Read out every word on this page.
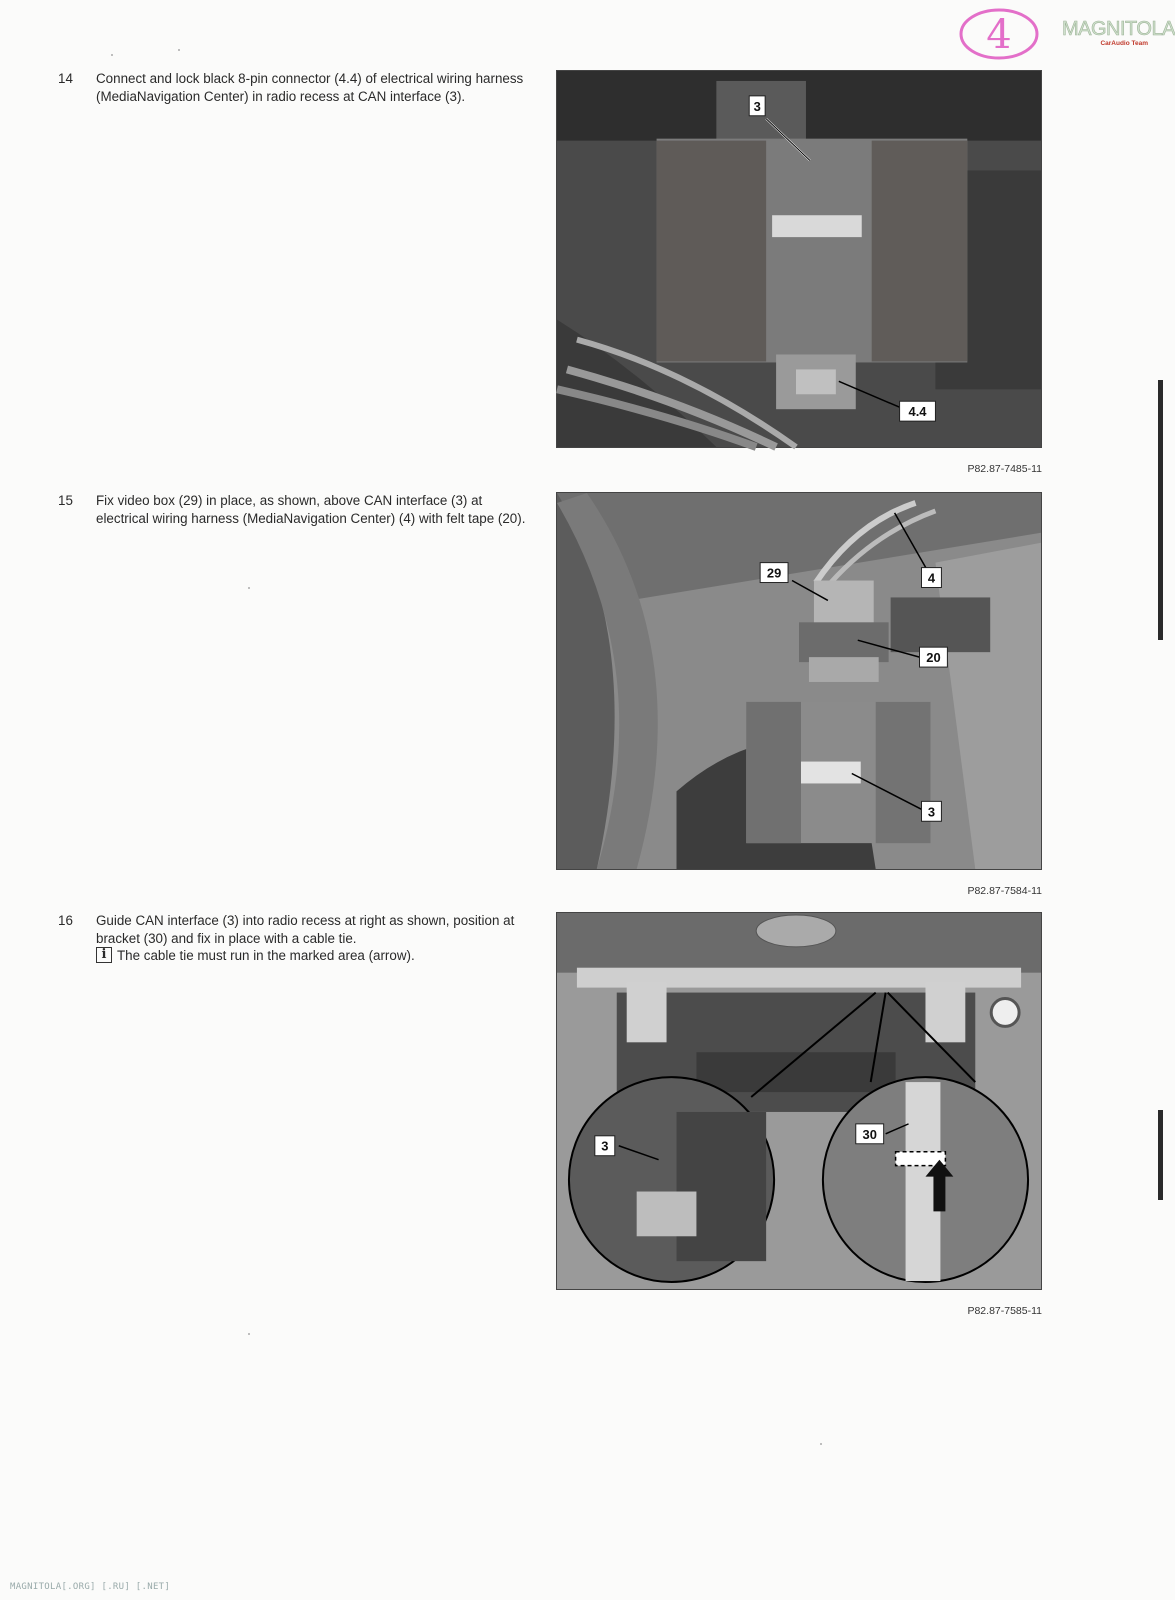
4	MAGNITOLA
CarAudio Team
14 Connect and lock black 8-pin connector (4.4) of electrical wiring harness (MediaNavigation Center) in radio recess at CAN interface (3).
3
4.4
P82.87-7485-11
15 Fix video box (29) in place, as shown, above CAN interface (3) at electrical wiring harness (MediaNavigation Center) (4) with felt tape (20).
29	4
20
3
P82.87-7584-11
16 Guide CAN interface (3) into radio recess at right as shown, position at bracket (30) and fix in place with a cable tie.
i The cable tie must run in the marked area (arrow).
3
30
P82.87-7585-11
MAGNITOLA[.ORG] [.RU] [.NET]
